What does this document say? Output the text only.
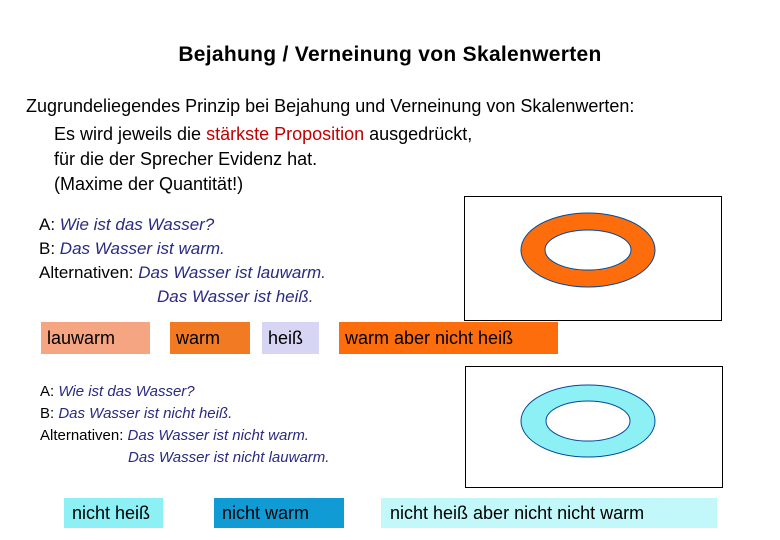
Bejahung / Verneinung von Skalenwerten
Zugrundeliegendes Prinzip bei Bejahung und Verneinung von Skalenwerten:
Es wird jeweils die stärkste Proposition ausgedrückt,
für die der Sprecher Evidenz hat.
(Maxime der Quantität!)
A: Wie ist das Wasser?
B: Das Wasser ist warm.
Alternativen: Das Wasser ist lauwarm.
Das Wasser ist heiß.
lauwarm	warm	heiß	warm aber nicht heiß
A: Wie ist das Wasser?
B: Das Wasser ist nicht heiß.
Alternativen: Das Wasser ist nicht warm.
Das Wasser ist nicht lauwarm.
nicht heiß	nicht warm	nicht heiß aber nicht nicht warm
